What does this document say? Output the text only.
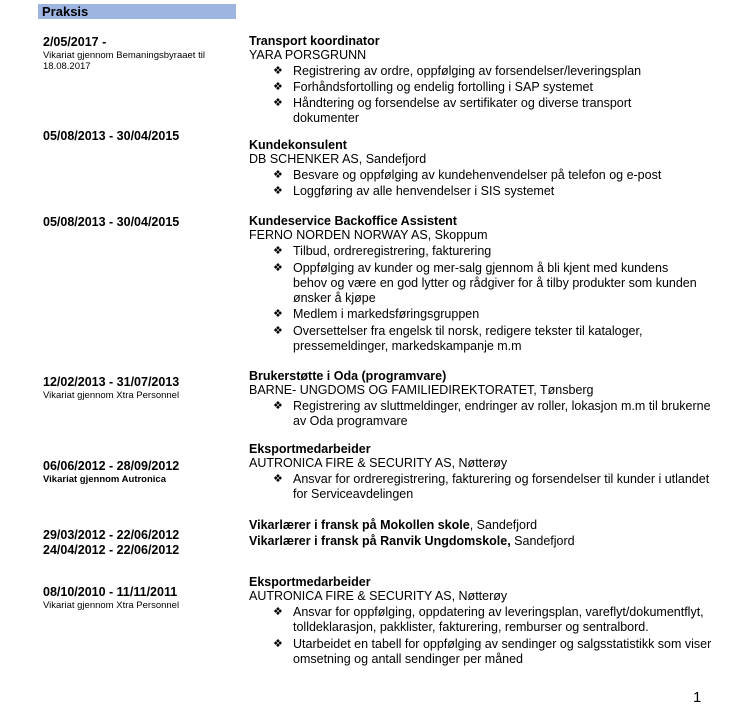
Praksis
2/05/2017 -
Vikariat gjennom Bemaningsbyraaet til 18.08.2017
Transport koordinator
YARA PORSGRUNN
❖ Registrering av ordre, oppfølging av forsendelser/leveringsplan
❖ Forhåndsfortolling og endelig fortolling i SAP systemet
❖ Håndtering og forsendelse av sertifikater og diverse transport dokumenter
05/08/2013 - 30/04/2015
Kundekonsulent
DB SCHENKER AS, Sandefjord
❖ Besvare og oppfølging av kundehenvendelser på telefon og e-post
❖ Loggføring av alle henvendelser i SIS systemet
05/08/2013 - 30/04/2015	Kundeservice Backoffice Assistent
FERNO NORDEN NORWAY AS, Skoppum
❖ Tilbud, ordreregistrering, fakturering
❖ Oppfølging av kunder og mer-salg gjennom å bli kjent med kundens behov og være en god lytter og rådgiver for å tilby produkter som kunden ønsker å kjøpe
❖ Medlem i markedsføringsgruppen
❖ Oversettelser fra engelsk til norsk, redigere tekster til kataloger, pressemeldinger, markedskampanje m.m
12/02/2013 - 31/07/2013
Vikariat gjennom Xtra Personnel
Brukerstøtte i Oda (programvare)
BARNE- UNGDOMS OG FAMILIEDIREKTORATET, Tønsberg
❖ Registrering av sluttmeldinger, endringer av roller, lokasjon m.m til brukerne av Oda programvare
06/06/2012 - 28/09/2012
Vikariat gjennom Autronica
Eksportmedarbeider
AUTRONICA FIRE & SECURITY AS, Nøtterøy
❖ Ansvar for ordreregistrering, fakturering og forsendelser til kunder i utlandet for Serviceavdelingen
29/03/2012 - 22/06/2012
24/04/2012 - 22/06/2012
Vikarlærer i fransk på Mokollen skole, Sandefjord
Vikarlærer i fransk på Ranvik Ungdomskole, Sandefjord
08/10/2010 - 11/11/2011
Vikariat gjennom Xtra Personnel
Eksportmedarbeider
AUTRONICA FIRE & SECURITY AS, Nøtterøy
❖ Ansvar for oppfølging, oppdatering av leveringsplan, vareflyt/dokumentflyt, tolldeklarasjon, pakklister, fakturering, remburser og sentralbord.
❖ Utarbeidet en tabell for oppfølging av sendinger og salgsstatistikk som viser omsetning og antall sendinger per måned
1
